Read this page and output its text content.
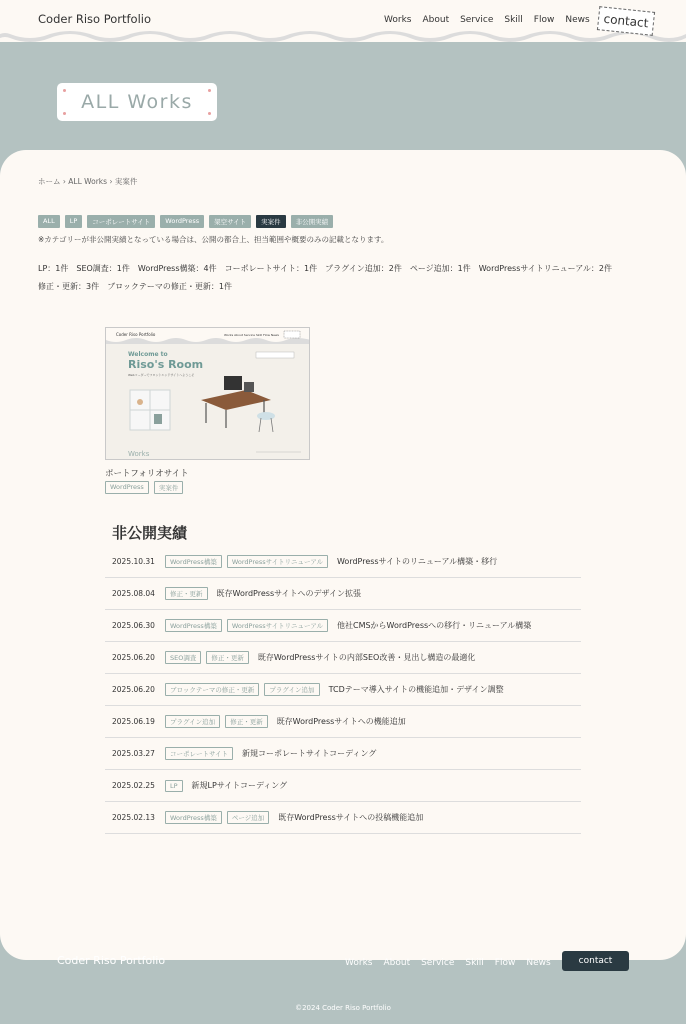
Coder Riso Portfolio	Works About Service Skill Flow News	contact
ALL Works
ホーム › ALL Works › 実案件
ALL	LP	コーポレートサイト	WordPress	架空サイト	実案件	非公開実績
※カテゴリーが非公開実績となっている場合は、公開の都合上、担当範囲や概要のみの記載となります。
LP：1件　SEO調査：1件　WordPress構築：4件　コーポレートサイト：1件　プラグイン追加：2件　ページ追加：1件　WordPressサイトリニューアル：2件
修正・更新：3件　ブロックテーマの修正・更新：1件
Coder Riso Portfolio	Works About Service Skill Flow News
Welcome to
Riso's Room
Webコーダーでフロントエンドサイトへようこそ
Works
ポートフォリオサイト
WordPress	実案件
非公開実績
2025.10.31	WordPress構築	WordPressサイトリニューアル	WordPressサイトのリニューアル構築・移行
2025.08.04	修正・更新	既存WordPressサイトへのデザイン拡張
2025.06.30	WordPress構築	WordPressサイトリニューアル	他社CMSからWordPressへの移行・リニューアル構築
2025.06.20	SEO調査	修正・更新	既存WordPressサイトの内部SEO改善・見出し構造の最適化
2025.06.20	ブロックテーマの修正・更新	プラグイン追加	TCDテーマ導入サイトの機能追加・デザイン調整
2025.06.19	プラグイン追加	修正・更新	既存WordPressサイトへの機能追加
2025.03.27	コーポレートサイト	新規コーポレートサイトコーディング
2025.02.25	LP	新規LPサイトコーディング
2025.02.13	WordPress構築	ページ追加	既存WordPressサイトへの投稿機能追加
Coder Riso Portfolio	Works About Service Skill Flow News	contact
©2024 Coder Riso Portfolio
